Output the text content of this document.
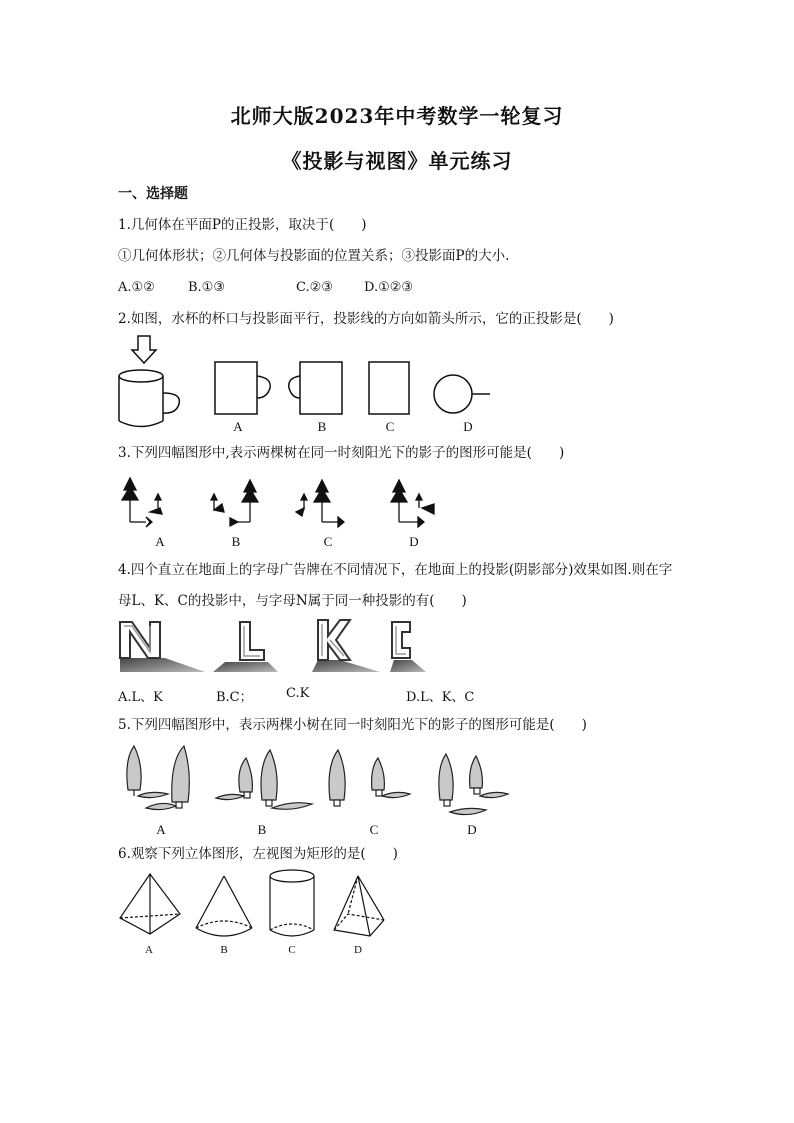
北师大版2023年中考数学一轮复习
《投影与视图》单元练习
一、选择题
1.几何体在平面P的正投影，取决于(　　)
①几何体形状；②几何体与投影面的位置关系；③投影面P的大小.
A.①②	B.①③	C.②③ D.①②③
2.如图，水杯的杯口与投影面平行，投影线的方向如箭头所示，它的正投影是(　　)
A	B	C	D
3.下列四幅图形中,表示两棵树在同一时刻阳光下的影子的图形可能是(　　)
A	B	C	D
4.四个直立在地面上的字母广告牌在不同情况下，在地面上的投影(阴影部分)效果如图.则在字
母L、K、C的投影中，与字母N属于同一种投影的有(　　)
A.L、K	B.C；	C.K	D.L、K、C
5.下列四幅图形中，表示两棵小树在同一时刻阳光下的影子的图形可能是(　　)
A	B	C	D
6.观察下列立体图形，左视图为矩形的是(　　)
A	B	C	D
